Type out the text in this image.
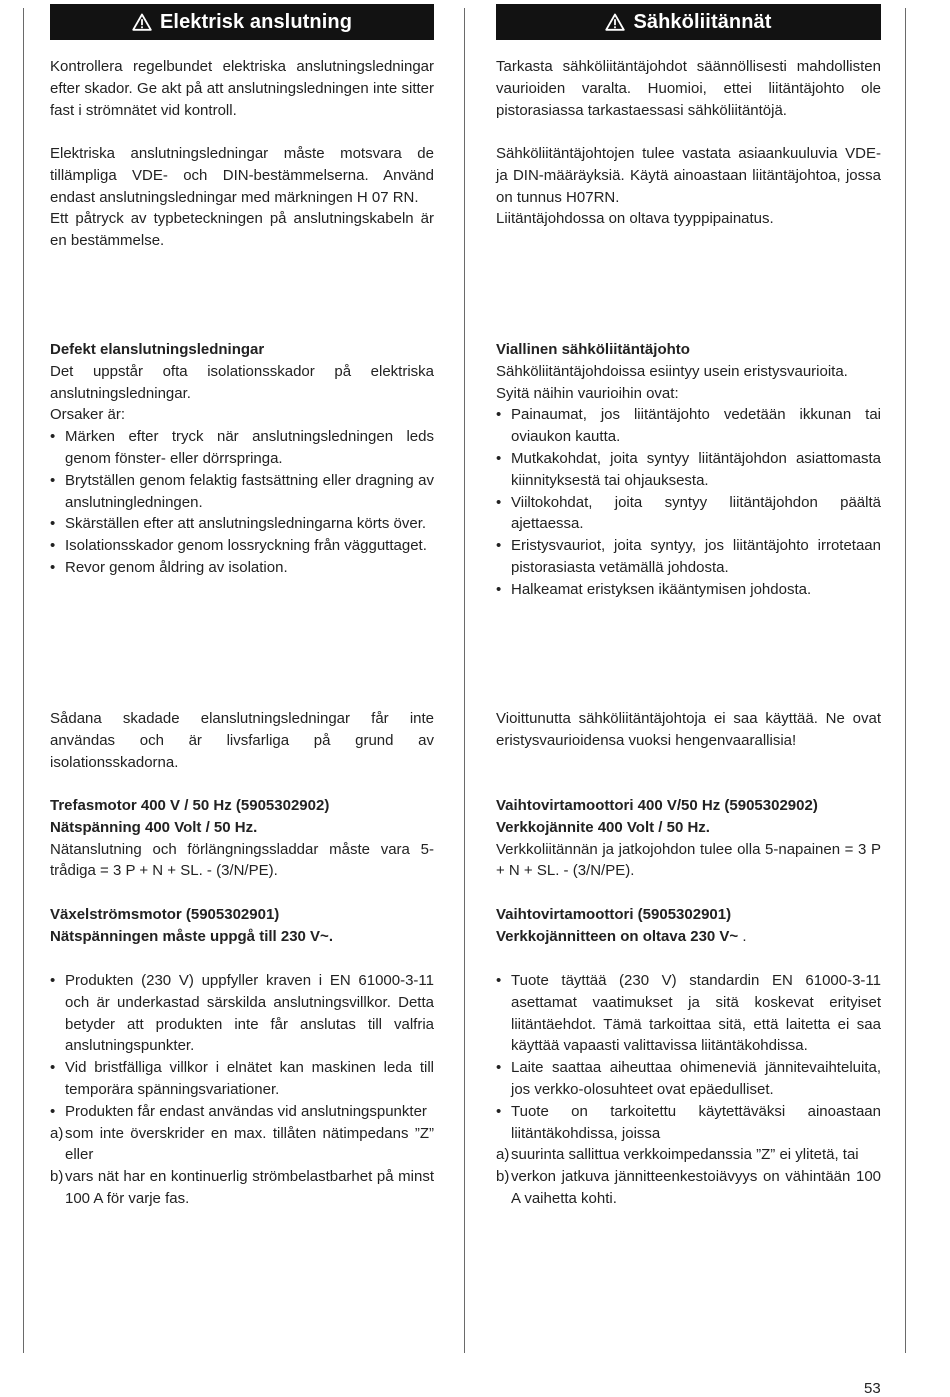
Elektrisk anslutning

Kontrollera regelbundet elektriska anslutningsledningar efter skador. Ge akt på att anslutningsledningen inte sitter fast i strömnätet vid kontroll.

Elektriska anslutningsledningar måste motsvara de tillämpliga VDE- och DIN-bestämmelserna. Använd endast anslutningsledningar med märkningen H 07 RN.

Ett påtryck av typbeteckningen på anslutningskabeln är en bestämmelse.

Defekt elanslutningsledningar

Det uppstår ofta isolationsskador på elektriska anslutningsledningar.

Orsaker är:

• Märken efter tryck när anslutningsledningen leds genom fönster- eller dörrspringa.
• Brytställen genom felaktig fastsättning eller dragning av anslutningledningen.
• Skärställen efter att anslutningsledningarna körts över.
• Isolationsskador genom lossryckning från vägguttaget.
• Revor genom åldring av isolation.

Sådana skadade elanslutningsledningar får inte användas och är livsfarliga på grund av isolationsskadorna.

Trefasmotor 400 V / 50 Hz (5905302902)

Nätspänning 400 Volt / 50 Hz.

Nätanslutning och förlängningssladdar måste vara 5-trådiga = 3 P + N + SL. - (3/N/PE).

Växelströmsmotor (5905302901)

Nätspänningen måste uppgå till 230 V~.

• Produkten (230 V) uppfyller kraven i EN 61000-3-11 och är underkastad särskilda anslutningsvillkor. Detta betyder att produkten inte får anslutas till valfria anslutningspunkter.
• Vid bristfälliga villkor i elnätet kan maskinen leda till temporära spänningsvariationer.
• Produkten får endast användas vid anslutningspunkter
a) som inte överskrider en max. tillåten nätimpedans ”Z” eller
b) vars nät har en kontinuerlig strömbelastbarhet på minst 100 A för varje fas.
Sähköliitännät

Tarkasta sähköliitäntäjohdot säännöllisesti mahdollisten vaurioiden varalta. Huomioi, ettei liitäntäjohto ole pistorasiassa tarkastaessasi sähköliitäntöjä.

Sähköliitäntäjohtojen tulee vastata asiaankuuluvia VDE- ja DIN-määräyksiä. Käytä ainoastaan liitäntäjohtoa, jossa on tunnus H07RN.

Liitäntäjohdossa on oltava tyyppipainatus.

Viallinen sähköliitäntäjohto

Sähköliitäntäjohdoissa esiintyy usein eristysvaurioita.

Syitä näihin vaurioihin ovat:

• Painaumat, jos liitäntäjohto vedetään ikkunan tai oviaukon kautta.
• Mutkakohdat, joita syntyy liitäntäjohdon asiattomasta kiinnityksestä tai ohjauksesta.
• Viiltokohdat, joita syntyy liitäntäjohdon päältä ajettaessa.
• Eristysvauriot, joita syntyy, jos liitäntäjohto irrotetaan pistorasiasta vetämällä johdosta.
• Halkeamat eristyksen ikääntymisen johdosta.

Vioittunutta sähköliitäntäjohtoja ei saa käyttää. Ne ovat eristysvaurioidensa vuoksi hengenvaarallisia!

Vaihtovirtamoottori 400 V/50 Hz (5905302902)

Verkkojännite 400 Volt / 50 Hz.

Verkkoliitännän ja jatkojohdon tulee olla 5-napainen = 3 P + N + SL. - (3/N/PE).

Vaihtovirtamoottori (5905302901)

Verkkojännitteen on oltava 230 V~ .

• Tuote täyttää (230 V) standardin EN 61000-3-11 asettamat vaatimukset ja sitä koskevat erityiset liitäntäehdot. Tämä tarkoittaa sitä, että laitetta ei saa käyttää vapaasti valittavissa liitäntäkohdissa.
• Laite saattaa aiheuttaa ohimeneviä jännitevaihteluita, jos verkko-olosuhteet ovat epäedulliset.
• Tuote on tarkoitettu käytettäväksi ainoastaan liitäntäkohdissa, joissa
a) suurinta sallittua verkkoimpedanssia ”Z” ei ylitetä, tai
b) verkon jatkuva jännitteenkestoiävyys on vähintään 100 A vaihetta kohti.
53
